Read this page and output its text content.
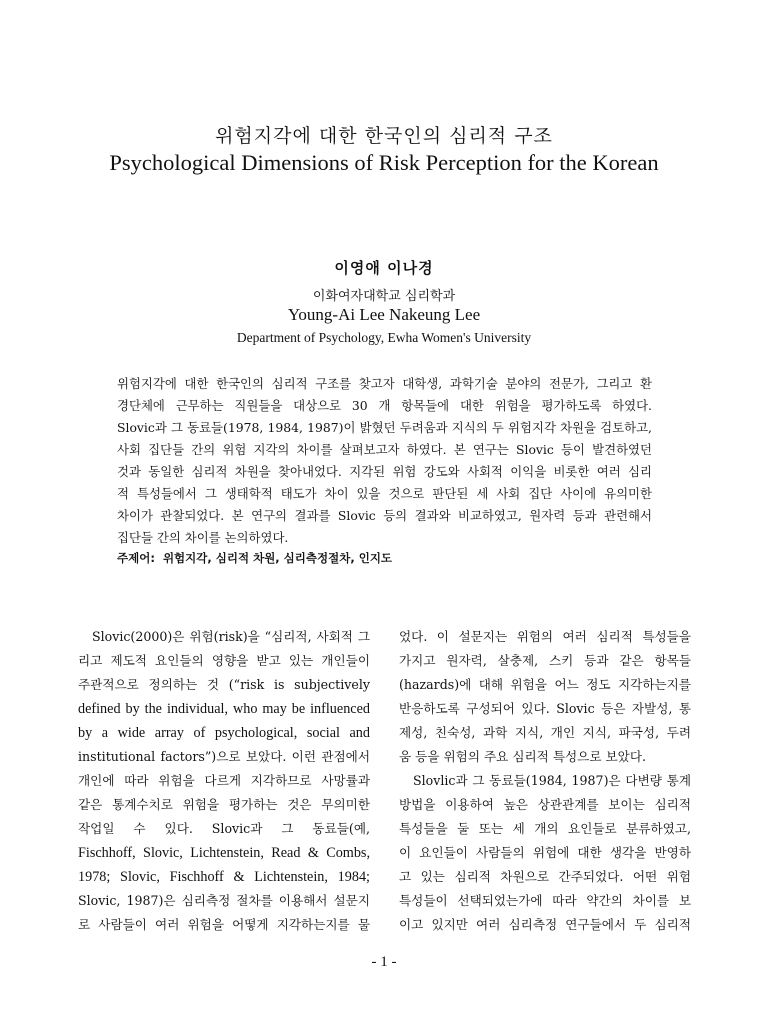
위험지각에 대한 한국인의 심리적 구조
Psychological Dimensions of Risk Perception for the Korean
이영애 이나경
이화여자대학교 심리학과
Young-Ai Lee Nakeung Lee
Department of Psychology, Ewha Women's University
위험지각에 대한 한국인의 심리적 구조를 찾고자 대학생, 과학기술 분야의 전문가, 그리고 환
경단체에 근무하는 직원들을 대상으로 30 개 항목들에 대한 위험을 평가하도록 하였다.
Slovic과 그 동료들(1978, 1984, 1987)이 밝혔던 두려움과 지식의 두 위험지각 차원을 검토하고,
사회 집단들 간의 위험 지각의 차이를 살펴보고자 하였다. 본 연구는 Slovic 등이 발견하였던
것과 동일한 심리적 차원을 찾아내었다. 지각된 위험 강도와 사회적 이익을 비롯한 여러 심리
적 특성들에서 그 생태학적 태도가 차이 있을 것으로 판단된 세 사회 집단 사이에 유의미한
차이가 관찰되었다. 본 연구의 결과를 Slovic 등의 결과와 비교하였고, 원자력 등과 관련해서
집단들 간의 차이를 논의하였다.
주제어: 위험지각, 심리적 차원, 심리측정절차, 인지도
Slovic(2000)은 위험(risk)을 “심리적, 사회적 그
리고 제도적 요인들의 영향을 받고 있는 개인들이
주관적으로 정의하는 것 (“risk is subjectively
defined by the individual, who may be influenced
by a wide array of psychological, social and
institutional factors”)으로 보았다. 이런 관점에서
개인에 따라 위험을 다르게 지각하므로 사망률과
같은 통계수치로 위험을 평가하는 것은 무의미한
작업일 수 있다. Slovic과 그 동료들(예,
Fischhoff, Slovic, Lichtenstein, Read & Combs,
1978; Slovic, Fischhoff & Lichtenstein, 1984;
Slovic, 1987)은 심리측정 절차를 이용해서 설문지
로 사람들이 여러 위험을 어떻게 지각하는지를 물
었다. 이 설문지는 위험의 여러 심리적 특성들을
가지고 원자력, 살충제, 스키 등과 같은 항목들
(hazards)에 대해 위험을 어느 정도 지각하는지를
반응하도록 구성되어 있다. Slovic 등은 자발성, 통
제성, 친숙성, 과학 지식, 개인 지식, 파국성, 두려
움 등을 위험의 주요 심리적 특성으로 보았다.
Slovlic과 그 동료들(1984, 1987)은 다변량 통계
방법을 이용하여 높은 상관관계를 보이는 심리적
특성들을 둘 또는 세 개의 요인들로 분류하였고,
이 요인들이 사람들의 위험에 대한 생각을 반영하
고 있는 심리적 차원으로 간주되었다. 어떤 위험
특성들이 선택되었는가에 따라 약간의 차이를 보
이고 있지만 여러 심리측정 연구들에서 두 심리적
- 1 -
